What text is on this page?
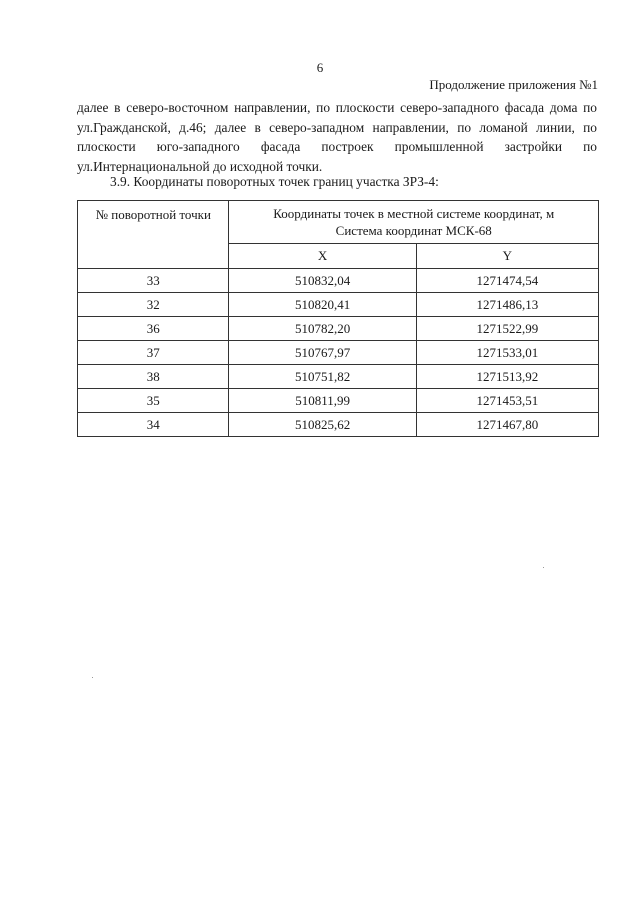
6
Продолжение приложения №1

далее в северо-восточном направлении, по плоскости северо-западного фасада дома по ул.Гражданской, д.46; далее в северо-западном направлении, по ломаной линии, по плоскости юго-западного фасада построек промышленной застройки по ул.Интернациональной до исходной точки.

3.9. Координаты поворотных точек границ участка ЗРЗ-4:

№ поворотной точки	Координаты точек в местной системе координат, м
Система координат МСК-68	
	X	Y
33	510832,04	1271474,54
32	510820,41	1271486,13
36	510782,20	1271522,99
37	510767,97	1271533,01
38	510751,82	1271513,92
35	510811,99	1271453,51
34	510825,62	1271467,80
